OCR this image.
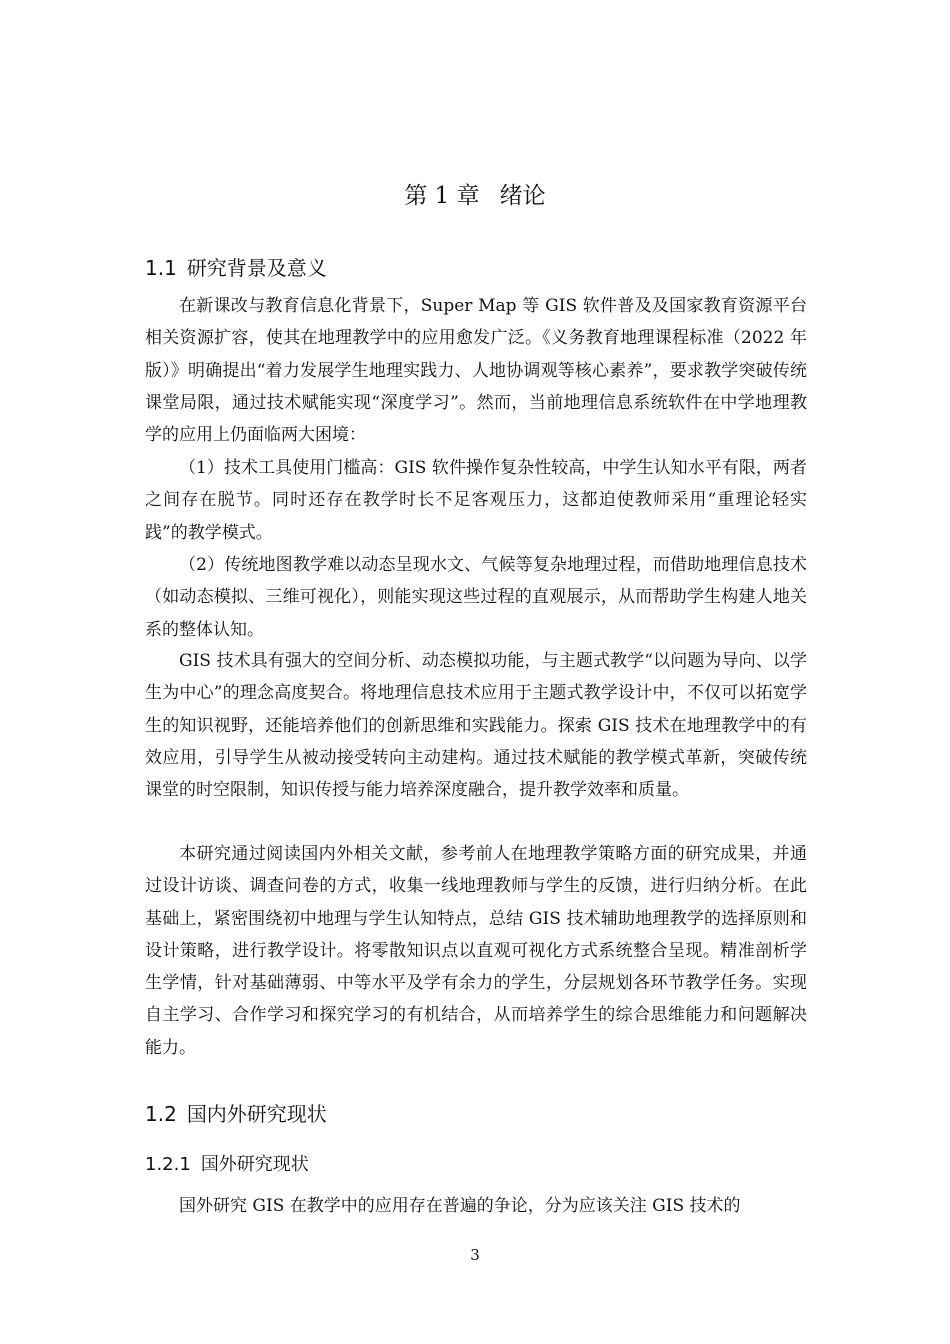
第 1 章 绪论
1.1 研究背景及意义

在新课改与教育信息化背景下，Super Map 等 GIS 软件普及及国家教育资源平台相关资源扩容，使其在地理教学中的应用愈发广泛。《义务教育地理课程标准（2022 年版）》明确提出“着力发展学生地理实践力、人地协调观等核心素养”，要求教学突破传统课堂局限，通过技术赋能实现“深度学习”。然而，当前地理信息系统软件在中学地理教学的应用上仍面临两大困境：

（1）技术工具使用门槛高：GIS 软件操作复杂性较高，中学生认知水平有限，两者之间存在脱节。同时还存在教学时长不足客观压力，这都迫使教师采用“重理论轻实践”的教学模式。

（2）传统地图教学难以动态呈现水文、气候等复杂地理过程，而借助地理信息技术（如动态模拟、三维可视化），则能实现这些过程的直观展示，从而帮助学生构建人地关系的整体认知。

GIS 技术具有强大的空间分析、动态模拟功能，与主题式教学“以问题为导向、以学生为中心”的理念高度契合。将地理信息技术应用于主题式教学设计中，不仅可以拓宽学生的知识视野，还能培养他们的创新思维和实践能力。探索 GIS 技术在地理教学中的有效应用，引导学生从被动接受转向主动建构。通过技术赋能的教学模式革新，突破传统课堂的时空限制，知识传授与能力培养深度融合，提升教学效率和质量。

本研究通过阅读国内外相关文献，参考前人在地理教学策略方面的研究成果，并通过设计访谈、调查问卷的方式，收集一线地理教师与学生的反馈，进行归纳分析。在此基础上，紧密围绕初中地理与学生认知特点，总结 GIS 技术辅助地理教学的选择原则和设计策略，进行教学设计。将零散知识点以直观可视化方式系统整合呈现。精准剖析学生学情，针对基础薄弱、中等水平及学有余力的学生，分层规划各环节教学任务。实现自主学习、合作学习和探究学习的有机结合，从而培养学生的综合思维能力和问题解决能力。

1.2 国内外研究现状
1.2.1 国外研究现状

国外研究 GIS 在教学中的应用存在普遍的争论，分为应该关注 GIS 技术的

3
